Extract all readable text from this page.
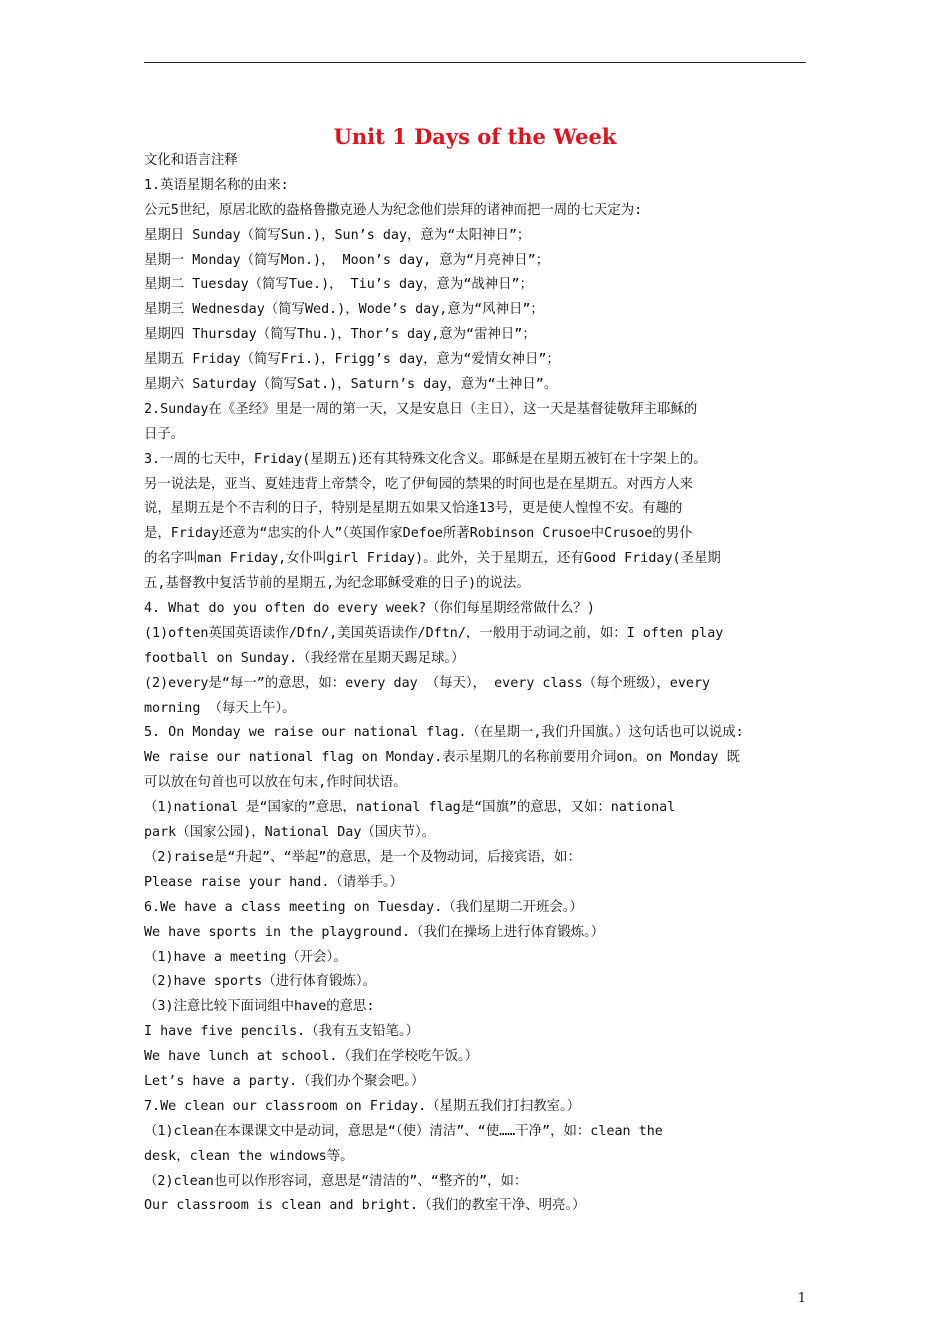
Unit 1 Days of the Week
文化和语言注释
1.英语星期名称的由来:
公元5世纪，原居北欧的盎格鲁撒克逊人为纪念他们崇拜的诸神而把一周的七天定为:
星期日 Sunday（简写Sun.)，Sun’s day，意为“太阳神日”；
星期一 Monday（简写Mon.)， Moon’s day, 意为“月亮神日”；
星期二 Tuesday（简写Tue.)， Tiu’s day，意为“战神日”；
星期三 Wednesday（简写Wed.)，Wode’s day,意为“风神日”；
星期四 Thursday（简写Thu.)，Thor’s day,意为“雷神日”；
星期五 Friday（简写Fri.)，Frigg’s day，意为“爱情女神日”；
星期六 Saturday（简写Sat.)，Saturn’s day，意为“土神日”。
2.Sunday在《圣经》里是一周的第一天，又是安息日（主日），这一天是基督徒敬拜主耶稣的
日子。
3.一周的七天中，Friday(星期五)还有其特殊文化含义。耶稣是在星期五被钉在十字架上的。
另一说法是，亚当、夏娃违背上帝禁令，吃了伊甸园的禁果的时间也是在星期五。对西方人来
说，星期五是个不吉利的日子，特别是星期五如果又恰逢13号，更是使人惶惶不安。有趣的
是，Friday还意为“忠实的仆人”（英国作家Defoe所著Robinson Crusoe中Crusoe的男仆
的名字叫man Friday,女仆叫girl Friday)。此外，关于星期五，还有Good Friday(圣星期
五,基督教中复活节前的星期五,为纪念耶稣受难的日子)的说法。
4. What do you often do every week?（你们每星期经常做什么？)
(1)often英国英语读作/Dfn/,美国英语读作/Dftn/，一般用于动词之前，如：I often play
football on Sunday.（我经常在星期天踢足球。）
(2)every是“每一”的意思，如：every day （每天）， every class（每个班级），every
morning （每天上午）。
5. On Monday we raise our national flag.（在星期一,我们升国旗。）这句话也可以说成:
We raise our national flag on Monday.表示星期几的名称前要用介词on。on Monday 既
可以放在句首也可以放在句末,作时间状语。
（1)national 是“国家的”意思，national flag是“国旗”的意思，又如：national
park（国家公园)，National Day（国庆节）。
（2)raise是“升起”、“举起”的意思，是一个及物动词，后接宾语，如：
Please raise your hand.（请举手。）
6.We have a class meeting on Tuesday.（我们星期二开班会。）
We have sports in the playground.（我们在操场上进行体育锻炼。）
（1)have a meeting（开会）。
（2)have sports（进行体育锻炼）。
（3)注意比较下面词组中have的意思:
I have five pencils.（我有五支铅笔。）
We have lunch at school.（我们在学校吃午饭。）
Let’s have a party.（我们办个聚会吧。）
7.We clean our classroom on Friday.（星期五我们打扫教室。）
（1)clean在本课课文中是动词，意思是“（使）清洁”、“使……干净”，如：clean the
desk，clean the windows等。
（2)clean也可以作形容词，意思是“清洁的”、“整齐的”，如：
Our classroom is clean and bright.（我们的教室干净、明亮。）
1
